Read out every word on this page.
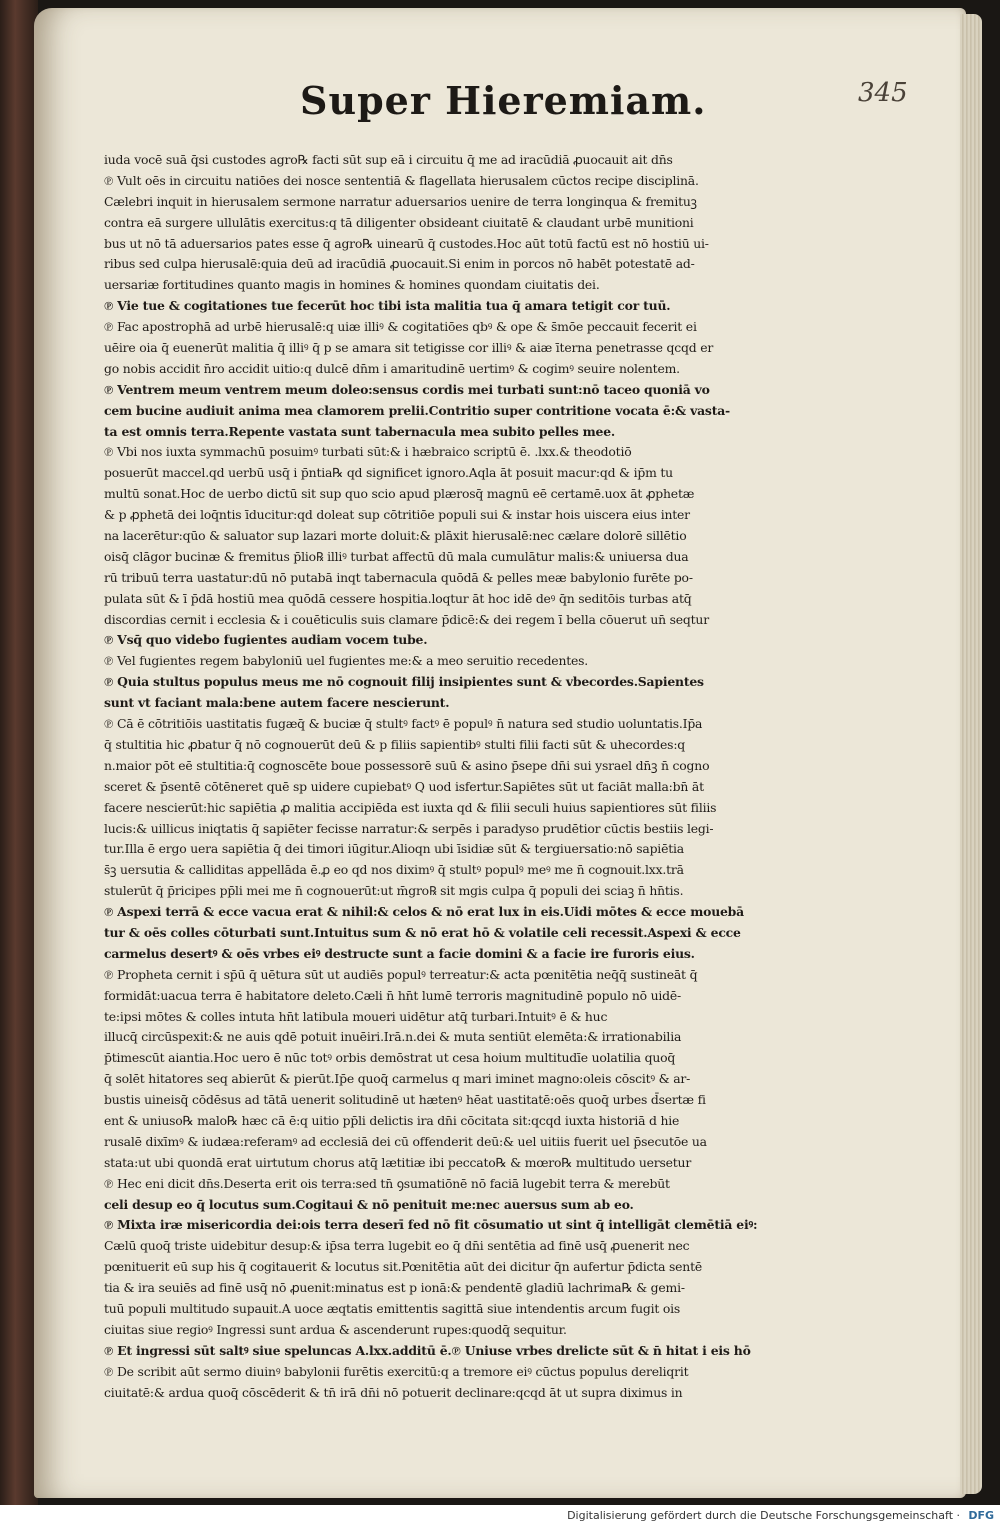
Super Hieremiam.	345
iuda vocē suā q̄si custodes agro℞ facti sūt sup eā i circuitu q̄ me ad iracūdiā ꝓuocauit ait dn̄s
℗ Vult oēs in circuitu natiōes dei nosce sententiā & flagellata hierusalem cūctos recipe disciplinā.
Cælebri inquit in hierusalem sermone narratur aduersarios uenire de terra longinqua & fremituꝫ
contra eā surgere ullulātis exercitus:q tā diligenter obsideant ciuitatē & claudant urbē munitioni
bus ut nō tā aduersarios pates esse q̄ agro℞ uinearū q̄ custodes.Hoc aūt totū factū est nō hostiū ui-
ribus sed culpa hierusalē:quia deū ad iracūdiā ꝓuocauit.Si enim in porcos nō habēt potestatē ad-
uersariæ fortitudines quanto magis in homines & homines quondam ciuitatis dei.
℗ Vie tue & cogitationes tue fecerūt hoc tibi ista malitia tua q̄ amara tetigit cor tuū.
℗ Fac apostrophā ad urbē hierusalē:q uiæ illiꝰ & cogitatiōes qbꝰ & ope & s̄mōe peccauit fecerit ei
uēire oia q̄ euenerūt malitia q̄ illiꝰ q̄ p se amara sit tetigisse cor illiꝰ & aiæ īterna penetrasse qcqd er
go nobis accidit n̄ro accidit uitio:q dulcē dn̄m i amaritudinē uertimꝰ & cogimꝰ seuire nolentem.
℗ Ventrem meum ventrem meum doleo:sensus cordis mei turbati sunt:nō taceo quoniā vo
cem bucine audiuit anima mea clamorem prelii.Contritio super contritione vocata ē:& vasta-
ta est omnis terra.Repente vastata sunt tabernacula mea subito pelles mee.
℗ Vbi nos iuxta symmachū posuimꝰ turbati sūt:& i hæbraico scriptū ē. .lxx.& theodotiō
posuerūt maccel.qd uerbū usq̄ i p̄ntia℞ qd significet ignoro.Aqla āt posuit macur:qd & ip̄m tu
multū sonat.Hoc de uerbo dictū sit sup quo scio apud plærosq̄ magnū eē certamē.uox āt ꝓphetæ
& p ꝓphetā dei loq̄ntis īducitur:qd doleat sup cōtritiōe populi sui & instar hois uiscera eius inter
na lacerētur:qūo & saluator sup lazari morte doluit:& plāxit hierusalē:nec cælare dolorē sillētio
oisq̄ clāgor bucinæ & fremitus p̄lio℞ illiꝰ turbat affectū dū mala cumulātur malis:& uniuersa dua
rū tribuū terra uastatur:dū nō putabā inqt tabernacula quōdā & pelles meæ babylonio furēte po-
pulata sūt & ī p̄dā hostiū mea quōdā cessere hospitia.loqtur āt hoc idē deꝰ q̄n seditōis turbas atq̄
discordias cernit i ecclesia & i couēticulis suis clamare p̄dicē:& dei regem ī bella cōuerut un̄ seqtur
℗ Vsq̄ quo videbo fugientes audiam vocem tube.
℗ Vel fugientes regem babyloniū uel fugientes me:& a meo seruitio recedentes.
℗ Quia stultus populus meus me nō cognouit filij insipientes sunt & vbecordes.Sapientes
sunt vt faciant mala:bene autem facere nescierunt.
℗ Cā ē cōtritiōis uastitatis fugæq̄ & buciæ q̄ stultꝰ factꝰ ē populꝰ n̄ natura sed studio uoluntatis.Ip̄a
q̄ stultitia hic ꝓbatur q̄ nō cognouerūt deū & p filiis sapientibꝰ stulti filii facti sūt & uhecordes:q
n.maior pōt eē stultitia:q̄ cognoscēte boue possessorē suū & asino p̄sepe dn̄i sui ysrael dn̄ꝫ n̄ cogno
sceret & p̄sentē cōtēneret quē sp uidere cupiebatꝰ Q uod isfertur.Sapiētes sūt ut faciāt malla:bn̄ āt
facere nescierūt:hic sapiētia ꝓ malitia accipiēda est iuxta qd & filii seculi huius sapientiores sūt filiis
lucis:& uillicus iniqtatis q̄ sapiēter fecisse narratur:& serpēs i paradyso prudētior cūctis bestiis legi-
tur.Illa ē ergo uera sapiētia q̄ dei timori iūgitur.Alioqn ubi īsidiæ sūt & tergiuersatio:nō sapiētia
s̄ꝫ uersutia & calliditas appellāda ē.ꝓ eo qd nos diximꝰ q̄ stultꝰ populꝰ meꝰ me n̄ cognouit.lxx.trā
stulerūt q̄ p̄ricipes pp̄li mei me n̄ cognouerūt:ut m̄gro℞ sit mgis culpa q̄ populi dei sciaꝫ n̄ hn̄tis.
℗ Aspexi terrā & ecce vacua erat & nihil:& celos & nō erat lux in eis.Uidi mōtes & ecce mouebā
tur & oēs colles cōturbati sunt.Intuitus sum & nō erat hō & volatile celi recessit.Aspexi & ecce
carmelus desertꝰ & oēs vrbes eiꝰ destructe sunt a facie domini & a facie ire furoris eius.
℗ Propheta cernit i sp̄ū q̄ uētura sūt ut audiēs populꝰ terreatur:& acta pœnitētia neq̄q̄ sustineāt q̄
formidāt:uacua terra ē habitatore deleto.Cæli n̄ hn̄t lumē terroris magnitudinē populo nō uidē-
te:ipsi mōtes & colles intuta hn̄t latibula moueri uidētur atq̄ turbari.Intuitꝰ ē & huc
illucq̄ circūspexit:& ne auis qdē potuit inuēiri.Irā.n.dei & muta sentiūt elemēta:& irrationabilia
p̄timescūt aiantia.Hoc uero ē nūc totꝰ orbis demōstrat ut cesa hoium multitudīe uolatilia quoq̄
q̄ solēt hitatores seq abierūt & pierūt.Ip̄e quoq̄ carmelus q mari iminet magno:oleis cōscitꝰ & ar-
bustis uineisq̄ cōdēsus ad tātā uenerit solitudinē ut hætenꝰ hēat uastitatē:oēs quoq̄ urbes d̄sertæ fi
ent & uniuso℞ malo℞ hæc cā ē:q uitio pp̄li delictis ira dn̄i cōcitata sit:qcqd iuxta historiā d hie
rusalē dixīmꝰ & iudæa:referamꝰ ad ecclesiā dei cū offenderit deū:& uel uitiis fuerit uel p̄secutōe ua
stata:ut ubi quondā erat uirtutum chorus atq̄ lætitiæ ibi peccato℞ & mœro℞ multitudo uersetur
℗ Hec eni dicit dn̄s.Deserta erit ois terra:sed tn̄ ꝯsumatiōnē nō faciā lugebit terra & merebūt
celi desup eo q̄ locutus sum.Cogitaui & nō penituit me:nec auersus sum ab eo.
℗ Mixta iræ misericordia dei:ois terra deserī fed nō fit cōsumatio ut sint q̄ intelligāt clemētiā eiꝰ:
Cælū quoq̄ triste uidebitur desup:& ip̄sa terra lugebit eo q̄ dn̄i sentētia ad finē usq̄ ꝓuenerit nec
pœnituerit eū sup his q̄ cogitauerit & locutus sit.Pœnitētia aūt dei dicitur q̄n aufertur p̄dicta sentē
tia & ira seuiēs ad finē usq̄ nō ꝓuenit:minatus est p ionā:& pendentē gladiū lachrima℞ & gemi-
tuū populi multitudo supauit.A uoce æqtatis emittentis sagittā siue intendentis arcum fugit ois
ciuitas siue regioꝰ Ingressi sunt ardua & ascenderunt rupes:quodq̄ sequitur.
℗ Et ingressi sūt saltꝰ siue speluncas A.lxx.additū ē.℗ Uniuse vrbes drelicte sūt & n̄ hitat i eis hō
℗ De scribit aūt sermo diuinꝰ babylonii furētis exercitū:q a tremore eiꝰ cūctus populus dereliqrit
ciuitatē:& ardua quoq̄ cōscēderit & tn̄ irā dn̄i nō potuerit declinare:qcqd āt ut supra diximus in
Digitalisierung gefördert durch die Deutsche Forschungsgemeinschaft · DFG
